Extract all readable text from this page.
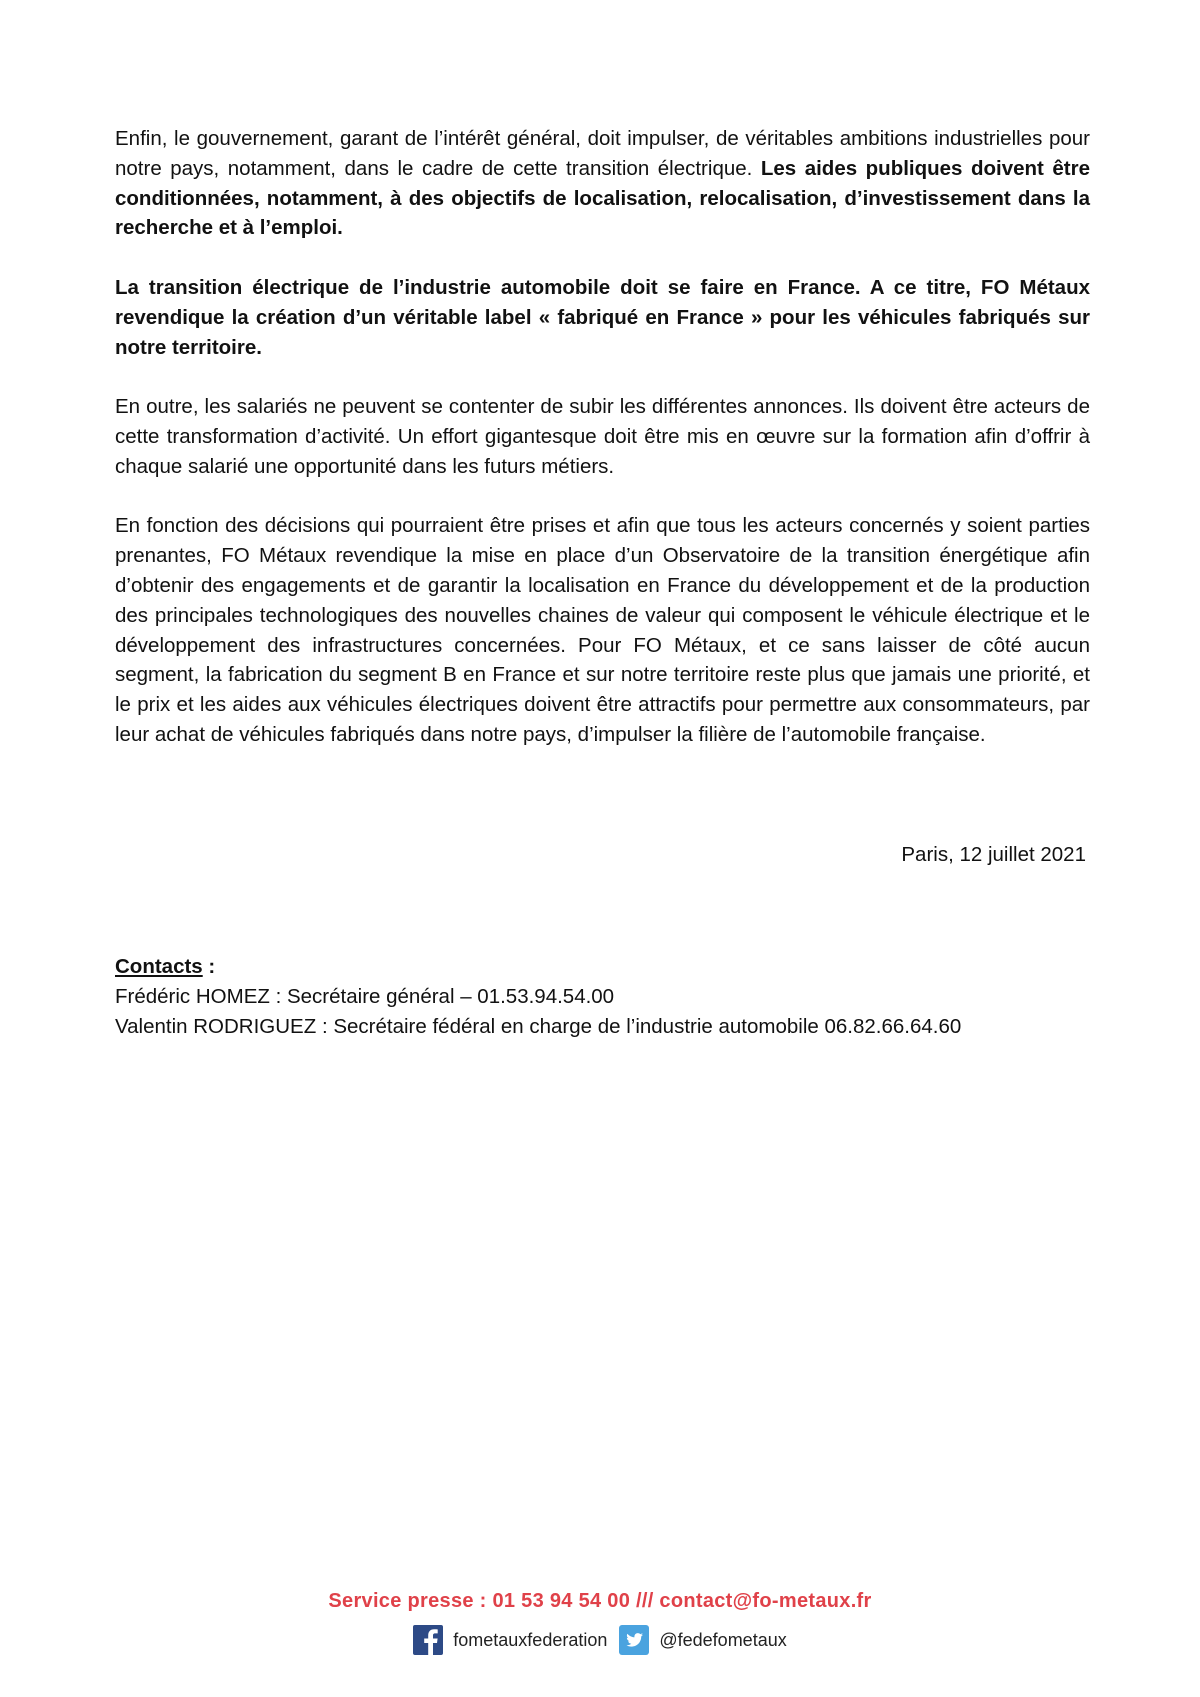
Enfin, le gouvernement, garant de l’intérêt général, doit impulser, de véritables ambitions industrielles pour notre pays, notamment, dans le cadre de cette transition électrique. Les aides publiques doivent être conditionnées, notamment, à des objectifs de localisation, relocalisation, d’investissement dans la recherche et à l’emploi.

La transition électrique de l’industrie automobile doit se faire en France. A ce titre, FO Métaux revendique la création d’un véritable label « fabriqué en France » pour les véhicules fabriqués sur notre territoire.

En outre, les salariés ne peuvent se contenter de subir les différentes annonces. Ils doivent être acteurs de cette transformation d’activité. Un effort gigantesque doit être mis en œuvre sur la formation afin d’offrir à chaque salarié une opportunité dans les futurs métiers.

En fonction des décisions qui pourraient être prises et afin que tous les acteurs concernés y soient parties prenantes, FO Métaux revendique la mise en place d’un Observatoire de la transition énergétique afin d’obtenir des engagements et de garantir la localisation en France du développement et de la production des principales technologiques des nouvelles chaines de valeur qui composent le véhicule électrique et le développement des infrastructures concernées. Pour FO Métaux, et ce sans laisser de côté aucun segment, la fabrication du segment B en France et sur notre territoire reste plus que jamais une priorité, et le prix et les aides aux véhicules électriques doivent être attractifs pour permettre aux consommateurs, par leur achat de véhicules fabriqués dans notre pays, d’impulser la filière de l’automobile française.

Paris, 12 juillet 2021
Contacts :
Frédéric HOMEZ : Secrétaire général – 01.53.94.54.00
Valentin RODRIGUEZ : Secrétaire fédéral en charge de l’industrie automobile 06.82.66.64.60
Service presse : 01 53 94 54 00 /// contact@fo-metaux.fr
fometauxfederation	@fedefometaux
